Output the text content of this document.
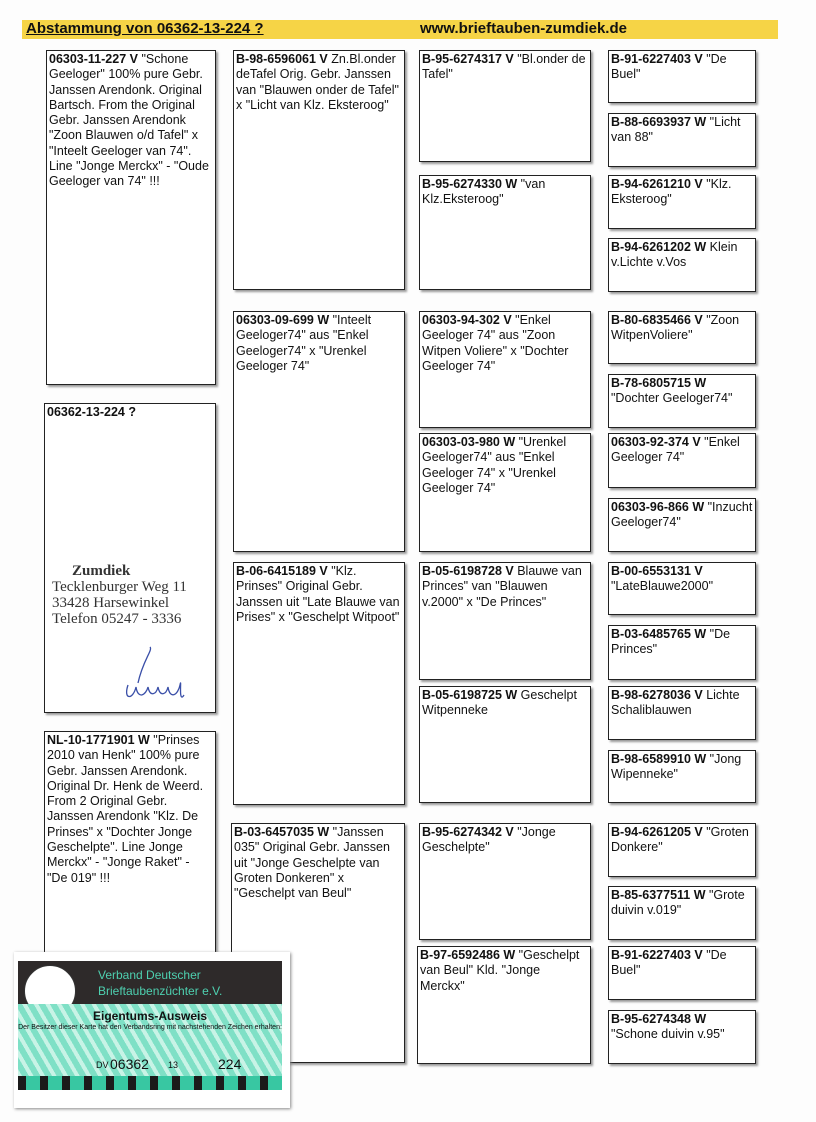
Abstammung von 06362-13-224 ?	www.brieftauben-zumdiek.de
06303-11-227 V "Schone Geeloger" 100% pure Gebr. Janssen Arendonk. Original Bartsch. From the Original Gebr. Janssen Arendonk "Zoon Blauwen o/d Tafel" x "Inteelt Geeloger van 74". Line "Jonge Merckx" - "Oude Geeloger van 74" !!!
NL-10-1771901 W "Prinses 2010 van Henk" 100% pure Gebr. Janssen Arendonk. Original Dr. Henk de Weerd. From 2 Original Gebr. Janssen Arendonk "Klz. De Prinses" x "Dochter Jonge Geschelpte". Line Jonge Merckx" - "Jonge Raket" - "De 019" !!!
B-98-6596061 V Zn.Bl.onder deTafel Orig. Gebr. Janssen van "Blauwen onder de Tafel" x "Licht van Klz. Eksteroog"
06303-09-699 W "Inteelt Geeloger74" aus "Enkel Geeloger74" x "Urenkel Geeloger 74"
B-06-6415189 V "Klz. Prinses" Original Gebr. Janssen uit "Late Blauwe van Prises" x "Geschelpt Witpoot"
B-03-6457035 W "Janssen 035" Original Gebr. Janssen uit "Jonge Geschelpte van Groten Donkeren" x "Geschelpt van Beul"
B-95-6274317 V "Bl.onder de Tafel"
B-95-6274330 W "van Klz.Eksteroog"
06303-94-302 V "Enkel Geeloger 74" aus "Zoon Witpen Voliere" x "Dochter Geeloger 74"
06303-03-980 W "Urenkel Geeloger74" aus "Enkel Geeloger 74" x "Urenkel Geeloger 74"
B-05-6198728 V Blauwe van Princes" van "Blauwen v.2000" x "De Princes"
B-05-6198725 W Geschelpt Witpenneke
B-95-6274342 V "Jonge Geschelpte"
B-97-6592486 W "Geschelpt van Beul" Kld. "Jonge Merckx"
B-91-6227403 V "De Buel"
B-88-6693937 W "Licht van 88"
B-94-6261210 V "Klz. Eksteroog"
B-94-6261202 W Klein v.Lichte v.Vos
B-80-6835466 V "Zoon WitpenVoliere"
B-78-6805715 W "Dochter Geeloger74"
06303-92-374 V "Enkel Geeloger 74"
06303-96-866 W "Inzucht Geeloger74"
B-00-6553131 V "LateBlauwe2000"
B-03-6485765 W "De Princes"
B-98-6278036 V Lichte Schaliblauwen
B-98-6589910 W "Jong Wipenneke"
B-94-6261205 V "Groten Donkere"
B-85-6377511 W "Grote duivin v.019"
B-91-6227403 V "De Buel"
B-95-6274348 W "Schone duivin v.95"
06362-13-224 ?
Zumdiek
Tecklenburger Weg 11
33428 Harsewinkel
Telefon 05247 - 3336
Verband Deutscher
Brieftaubenzüchter e.V.
Eigentums-Ausweis
Der Besitzer dieser Karte hat den Verbandsring mit nachstehenden Zeichen erhalten:
DV 06362 13	224
